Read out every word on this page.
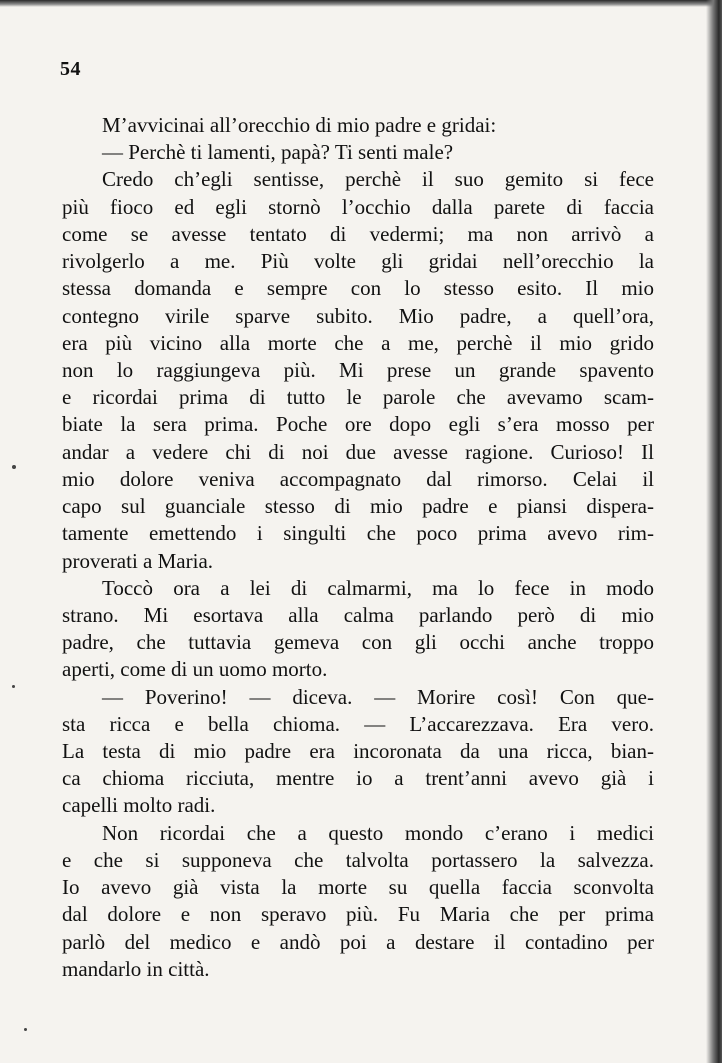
54
M’avvicinai all’orecchio di mio padre e gridai:
— Perchè ti lamenti, papà? Ti senti male?
Credo ch’egli sentisse, perchè il suo gemito si fece
più fioco ed egli stornò l’occhio dalla parete di faccia
come se avesse tentato di vedermi; ma non arrivò a
rivolgerlo a me. Più volte gli gridai nell’orecchio la
stessa domanda e sempre con lo stesso esito. Il mio
contegno virile sparve subito. Mio padre, a quell’ora,
era più vicino alla morte che a me, perchè il mio grido
non lo raggiungeva più. Mi prese un grande spavento
e ricordai prima di tutto le parole che avevamo scam-
biate la sera prima. Poche ore dopo egli s’era mosso per
andar a vedere chi di noi due avesse ragione. Curioso! Il
mio dolore veniva accompagnato dal rimorso. Celai il
capo sul guanciale stesso di mio padre e piansi dispera-
tamente emettendo i singulti che poco prima avevo rim-
proverati a Maria.
Toccò ora a lei di calmarmi, ma lo fece in modo
strano. Mi esortava alla calma parlando però di mio
padre, che tuttavia gemeva con gli occhi anche troppo
aperti, come di un uomo morto.
— Poverino! — diceva. — Morire così! Con que-
sta ricca e bella chioma. — L’accarezzava. Era vero.
La testa di mio padre era incoronata da una ricca, bian-
ca chioma ricciuta, mentre io a trent’anni avevo già i
capelli molto radi.
Non ricordai che a questo mondo c’erano i medici
e che si supponeva che talvolta portassero la salvezza.
Io avevo già vista la morte su quella faccia sconvolta
dal dolore e non speravo più. Fu Maria che per prima
parlò del medico e andò poi a destare il contadino per
mandarlo in città.
